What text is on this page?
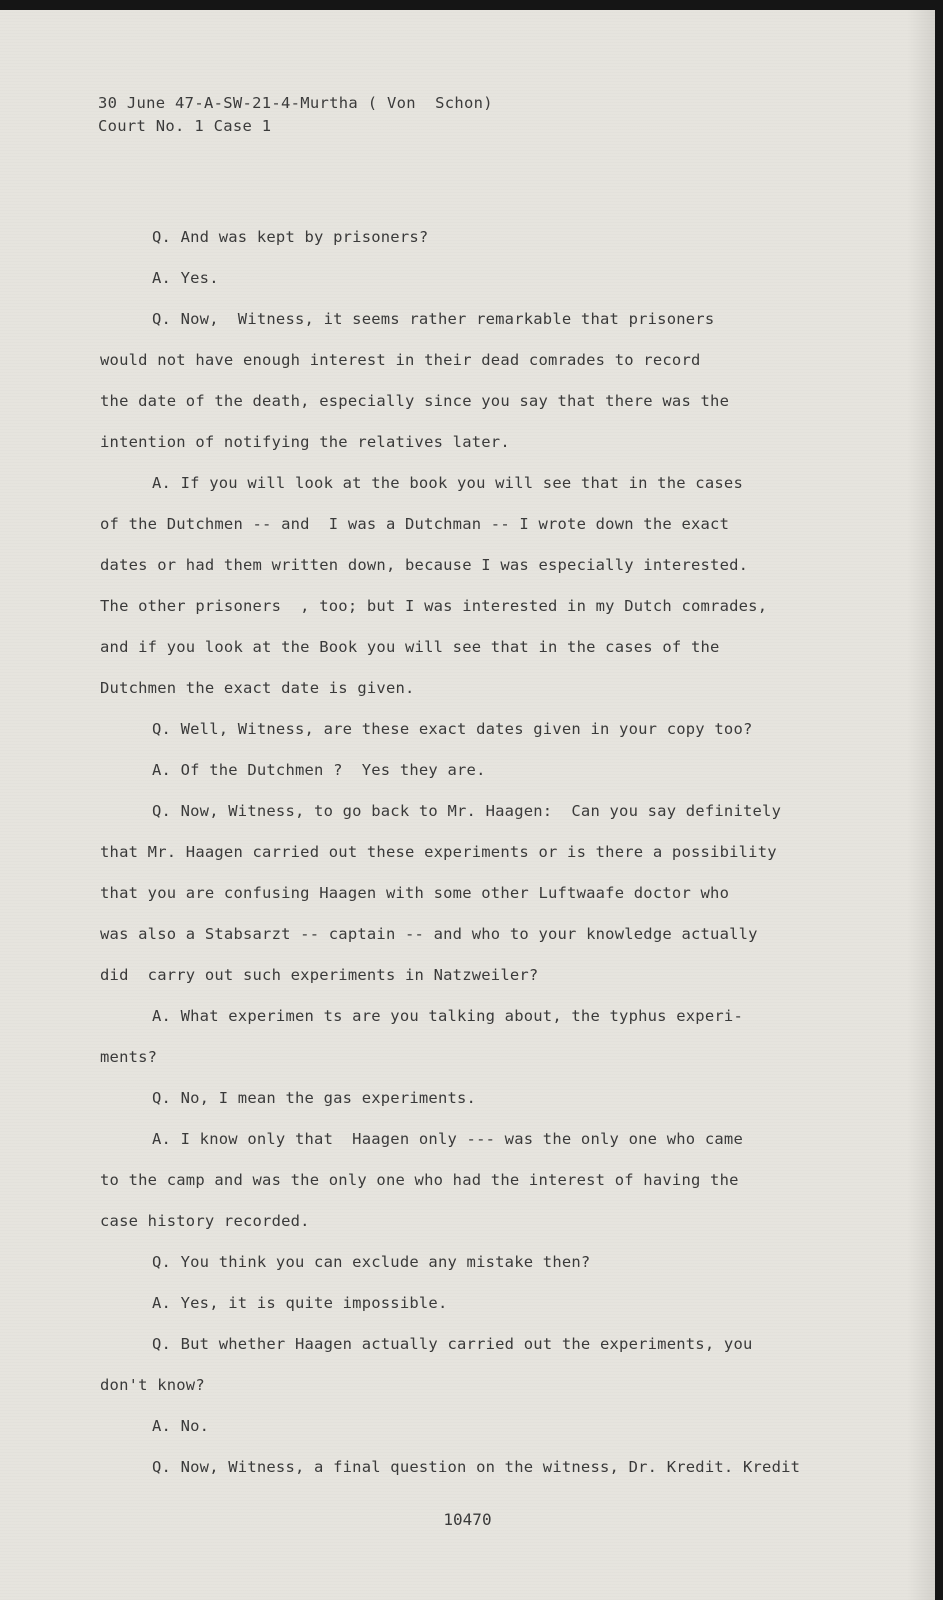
30 June 47-A-SW-21-4-Murtha ( Von  Schon)
Court No. 1 Case 1
Q. And was kept by prisoners?
A. Yes.
Q. Now,  Witness, it seems rather remarkable that prisoners
would not have enough interest in their dead comrades to record
the date of the death, especially since you say that there was the
intention of notifying the relatives later.
A. If you will look at the book you will see that in the cases
of the Dutchmen -- and  I was a Dutchman -- I wrote down the exact
dates or had them written down, because I was especially interested.
The other prisoners  , too; but I was interested in my Dutch comrades,
and if you look at the Book you will see that in the cases of the
Dutchmen the exact date is given.
Q. Well, Witness, are these exact dates given in your copy too?
A. Of the Dutchmen ?  Yes they are.
Q. Now, Witness, to go back to Mr. Haagen:  Can you say definitely
that Mr. Haagen carried out these experiments or is there a possibility
that you are confusing Haagen with some other Luftwaafe doctor who
was also a Stabsarzt -- captain -- and who to your knowledge actually
did  carry out such experiments in Natzweiler?
A. What experimen ts are you talking about, the typhus experi-
ments?
Q. No, I mean the gas experiments.
A. I know only that  Haagen only --- was the only one who came
to the camp and was the only one who had the interest of having the
case history recorded.
Q. You think you can exclude any mistake then?
A. Yes, it is quite impossible.
Q. But whether Haagen actually carried out the experiments, you
don't know?
A. No.
Q. Now, Witness, a final question on the witness, Dr. Kredit. Kredit
10470
